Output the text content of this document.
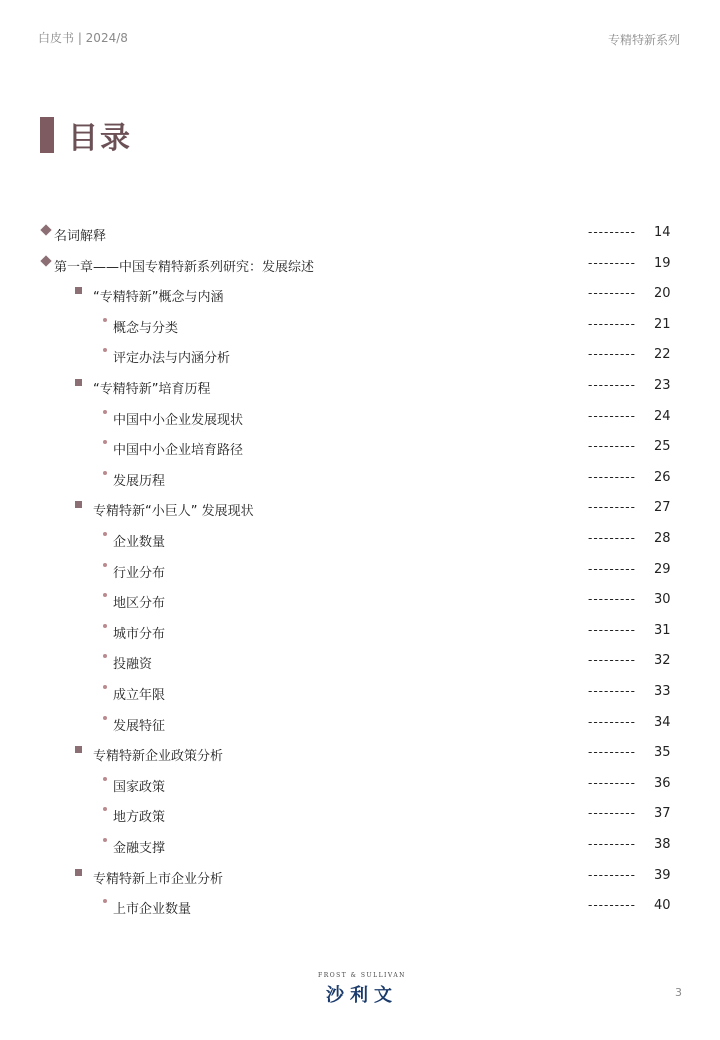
白皮书 | 2024/8	专精特新系列
目录
名词解释	--------- 14
第一章——中国专精特新系列研究：发展综述	--------- 19
“专精特新”概念与内涵	--------- 20
概念与分类	--------- 21
评定办法与内涵分析	--------- 22
“专精特新”培育历程	--------- 23
中国中小企业发展现状	--------- 24
中国中小企业培育路径	--------- 25
发展历程	--------- 26
专精特新“小巨人” 发展现状	--------- 27
企业数量	--------- 28
行业分布	--------- 29
地区分布	--------- 30
城市分布	--------- 31
投融资	--------- 32
成立年限	--------- 33
发展特征	--------- 34
专精特新企业政策分析	--------- 35
国家政策	--------- 36
地方政策	--------- 37
金融支撑	--------- 38
专精特新上市企业分析	--------- 39
上市企业数量	--------- 40
FROST & SULLIVAN
沙利文	3
